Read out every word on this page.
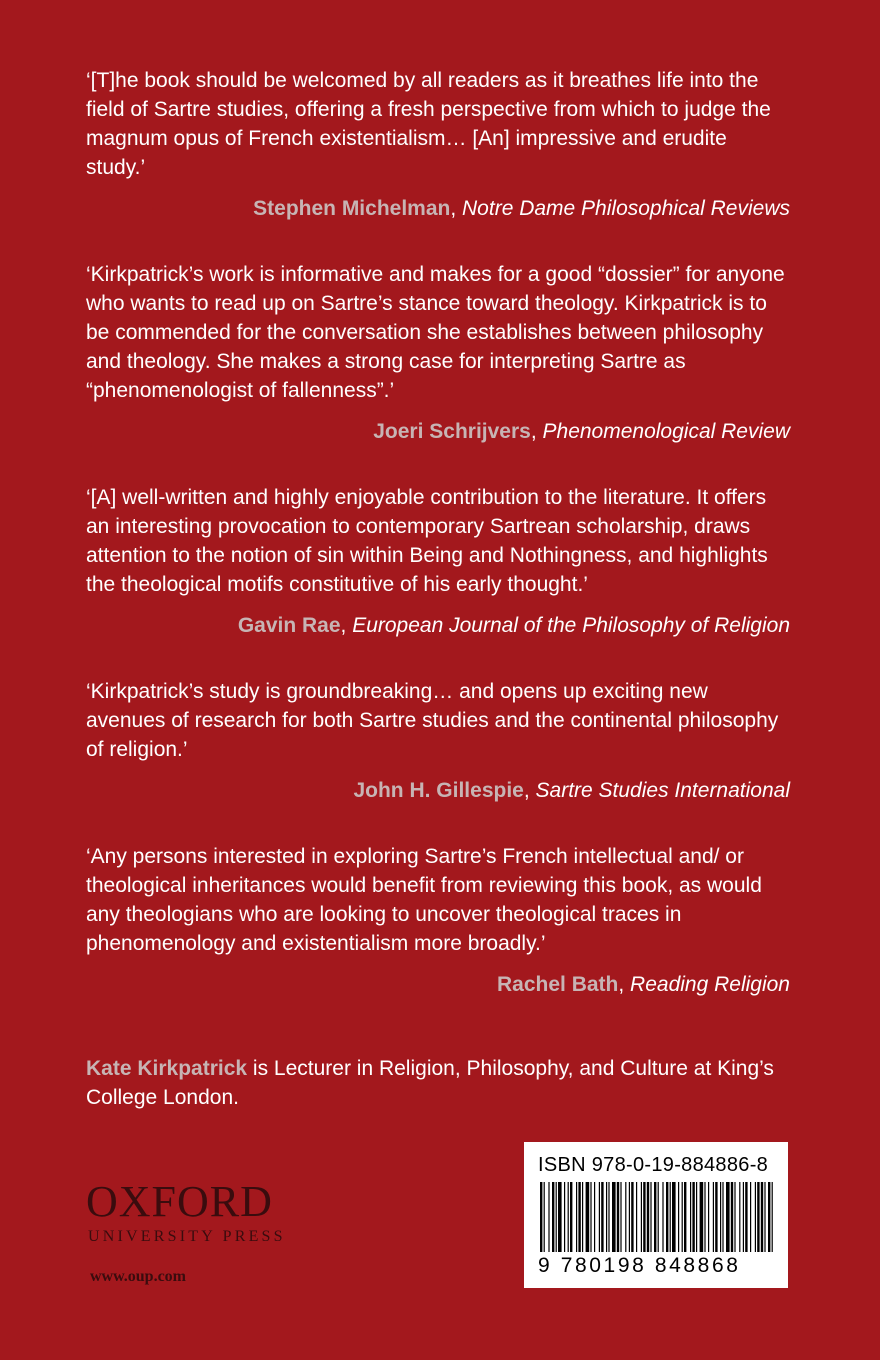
‘[T]he book should be welcomed by all readers as it breathes life into the field of Sartre studies, offering a fresh perspective from which to judge the magnum opus of French existentialism… [An] impressive and erudite study.’

Stephen Michelman, Notre Dame Philosophical Reviews

‘Kirkpatrick’s work is informative and makes for a good “dossier” for anyone who wants to read up on Sartre’s stance toward theology. Kirkpatrick is to be commended for the conversation she establishes between philosophy and theology. She makes a strong case for interpreting Sartre as “phenomenologist of fallenness”.’

Joeri Schrijvers, Phenomenological Review

‘[A] well-written and highly enjoyable contribution to the literature. It offers an interesting provocation to contemporary Sartrean scholarship, draws attention to the notion of sin within Being and Nothingness, and highlights the theological motifs constitutive of his early thought.’

Gavin Rae, European Journal of the Philosophy of Religion

‘Kirkpatrick’s study is groundbreaking… and opens up exciting new avenues of research for both Sartre studies and the continental philosophy of religion.’

John H. Gillespie, Sartre Studies International

‘Any persons interested in exploring Sartre’s French intellectual and/ or theological inheritances would benefit from reviewing this book, as would any theologians who are looking to uncover theological traces in phenomenology and existentialism more broadly.’

Rachel Bath, Reading Religion

Kate Kirkpatrick is Lecturer in Religion, Philosophy, and Culture at King’s College London.

OXFORD

UNIVERSITY PRESS

www.oup.com
ISBN 978-0-19-884886-8
9 780198 848868
